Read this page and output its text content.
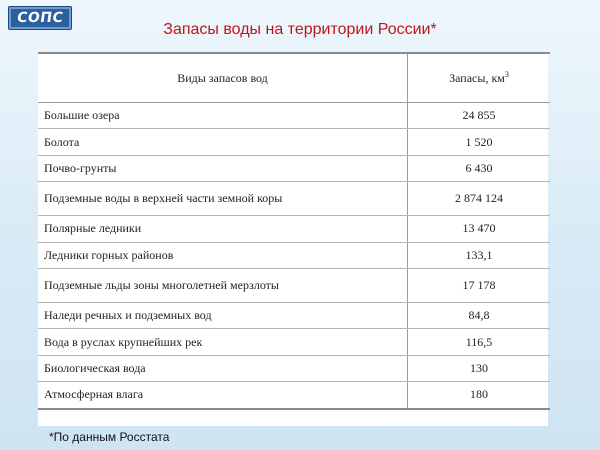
СОПС
Запасы воды на территории России*
Виды запасов вод	Запасы, $км^3$
Большие озера	24 855
Болота	1 520
Почво-грунты	6 430
Подземные воды в верхней части земной коры	2 874 124
Полярные ледники	13 470
Ледники горных районов	133,1
Подземные льды зоны многолетней мерзлоты	17 178
Наледи речных и подземных вод	84,8
Вода в руслах крупнейших рек	116,5
Биологическая вода	130
Атмосферная влага	180
*По данным Росстата
